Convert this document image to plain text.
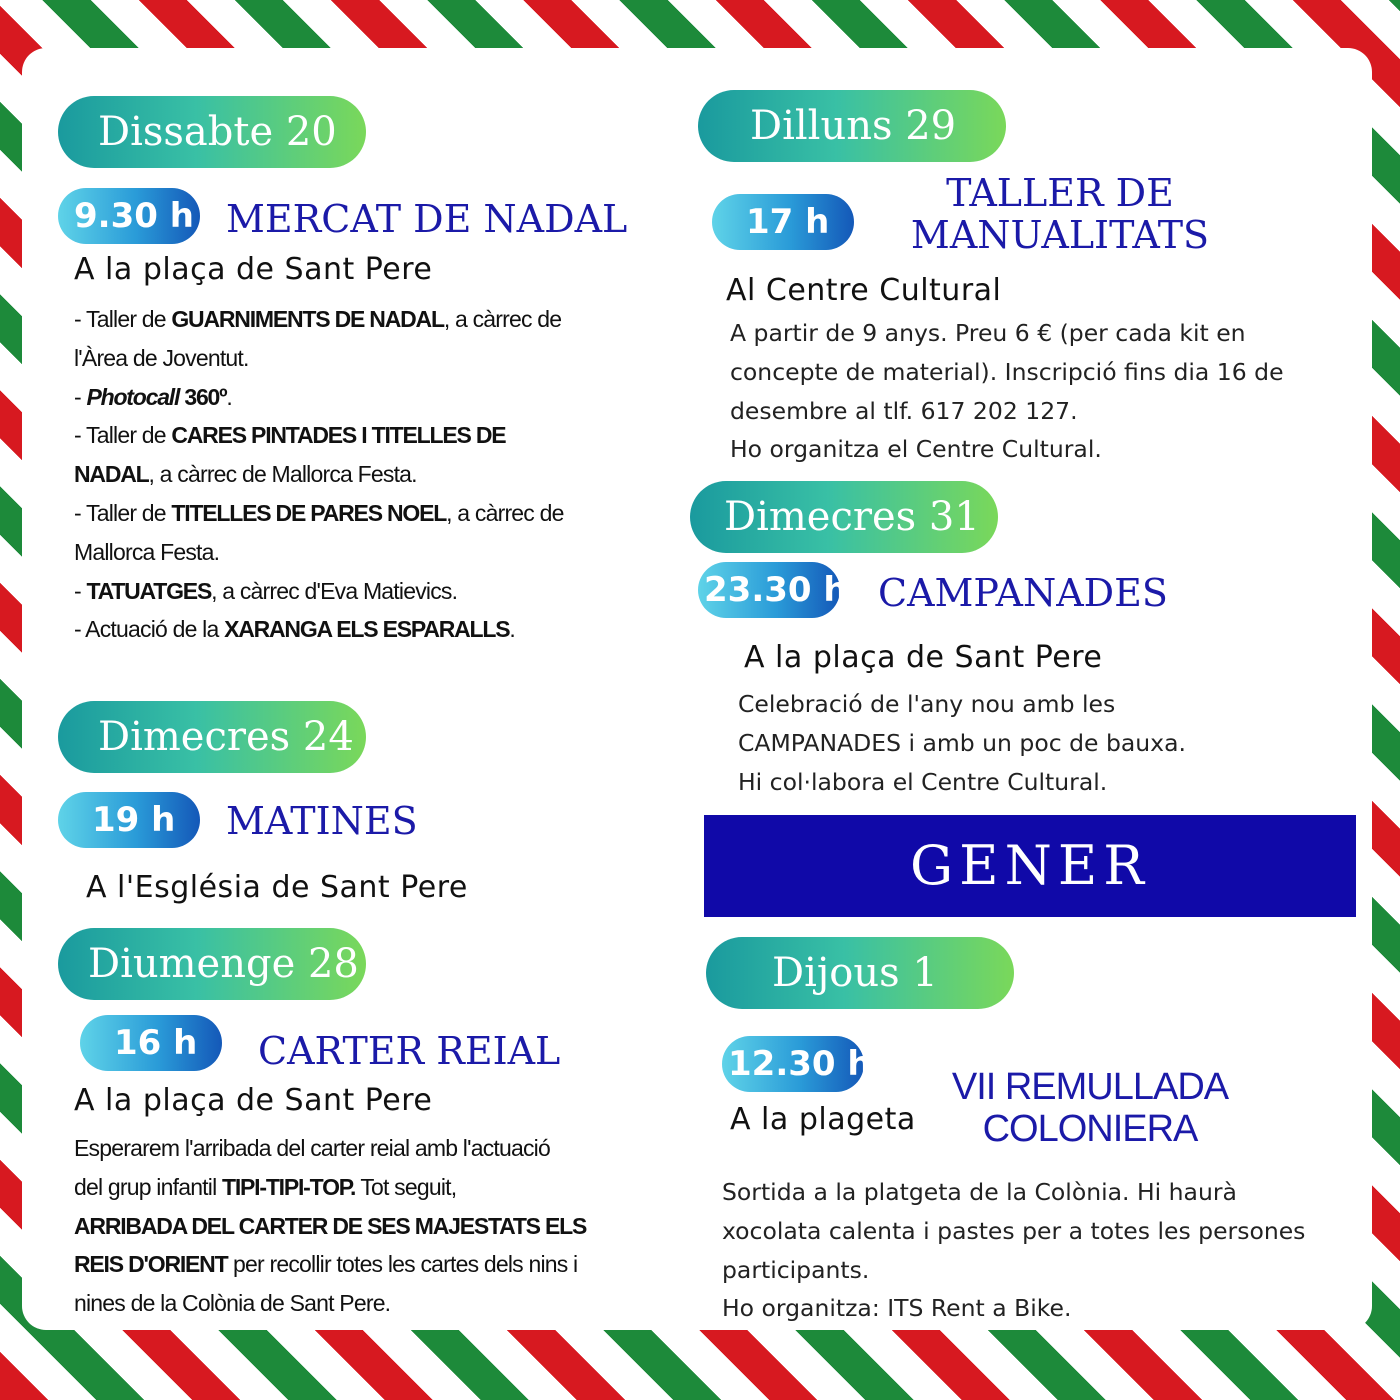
Dissabte 20
9.30 h MERCAT DE NADAL
A la plaça de Sant Pere
- Taller de GUARNIMENTS DE NADAL, a càrrec de
l'Àrea de Joventut.
- Photocall 360º.
- Taller de CARES PINTADES I TITELLES DE
NADAL, a càrrec de Mallorca Festa.
- Taller de TITELLES DE PARES NOEL, a càrrec de
Mallorca Festa.
- TATUATGES, a càrrec d'Eva Matievics.
- Actuació de la XARANGA ELS ESPARALLS.
Dimecres 24
19 h	MATINES
A l'Església de Sant Pere
Diumenge 28
16 h	CARTER REIAL
A la plaça de Sant Pere
Esperarem l'arribada del carter reial amb l'actuació
del grup infantil TIPI-TIPI-TOP. Tot seguit,
ARRIBADA DEL CARTER DE SES MAJESTATS ELS
REIS D'ORIENT per recollir totes les cartes dels nins i
nines de la Colònia de Sant Pere.
Dilluns 29
17 h
TALLER DE
MANUALITATS
Al Centre Cultural
A partir de 9 anys. Preu 6 € (per cada kit en
concepte de material). Inscripció fins dia 16 de
desembre al tlf. 617 202 127.
Ho organitza el Centre Cultural.
Dimecres 31
23.30 h CAMPANADES
A la plaça de Sant Pere
Celebració de l'any nou amb les
CAMPANADES i amb un poc de bauxa.
Hi col·labora el Centre Cultural.
GENER
Dijous 1
12.30 h
VII REMULLADA
COLONIERA
A la plageta
Sortida a la platgeta de la Colònia. Hi haurà
xocolata calenta i pastes per a totes les persones
participants.
Ho organitza: ITS Rent a Bike.
